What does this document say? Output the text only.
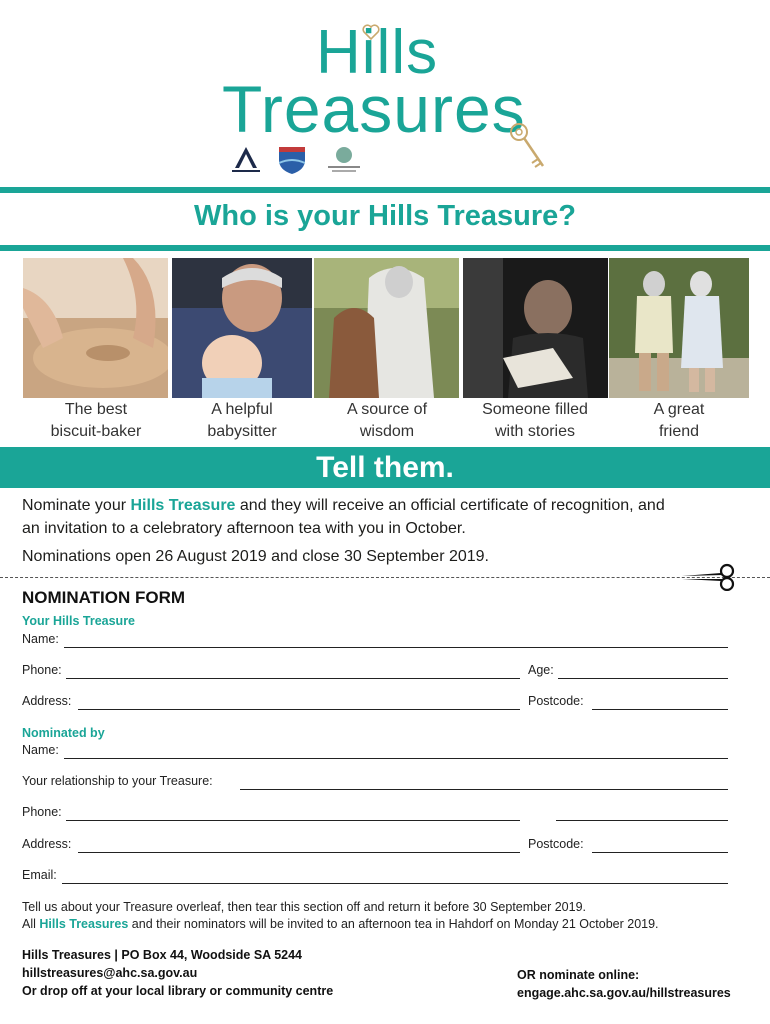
Hills
Treasures
Who is your Hills Treasure?
The best
biscuit-baker
A helpful
babysitter
A source of
wisdom
Someone filled
with stories
A great
friend
Tell them.
Nominate your Hills Treasure and they will receive an official certificate of recognition, and
an invitation to a celebratory afternoon tea with you in October.
Nominations open 26 August 2019 and close 30 September 2019.
NOMINATION FORM
Your Hills Treasure
Name:
Phone:	Age:
Address:	Postcode:
Nominated by
Name:
Your relationship to your Treasure:
Phone:
Address:	Postcode:
Email:
Tell us about your Treasure overleaf, then tear this section off and return it before 30 September 2019.
All Hills Treasures and their nominators will be invited to an afternoon tea in Hahdorf on Monday 21 October 2019.
Hills Treasures | PO Box 44, Woodside SA 5244
hillstreasures@ahc.sa.gov.au
Or drop off at your local library or community centre
OR nominate online:
engage.ahc.sa.gov.au/hillstreasures
